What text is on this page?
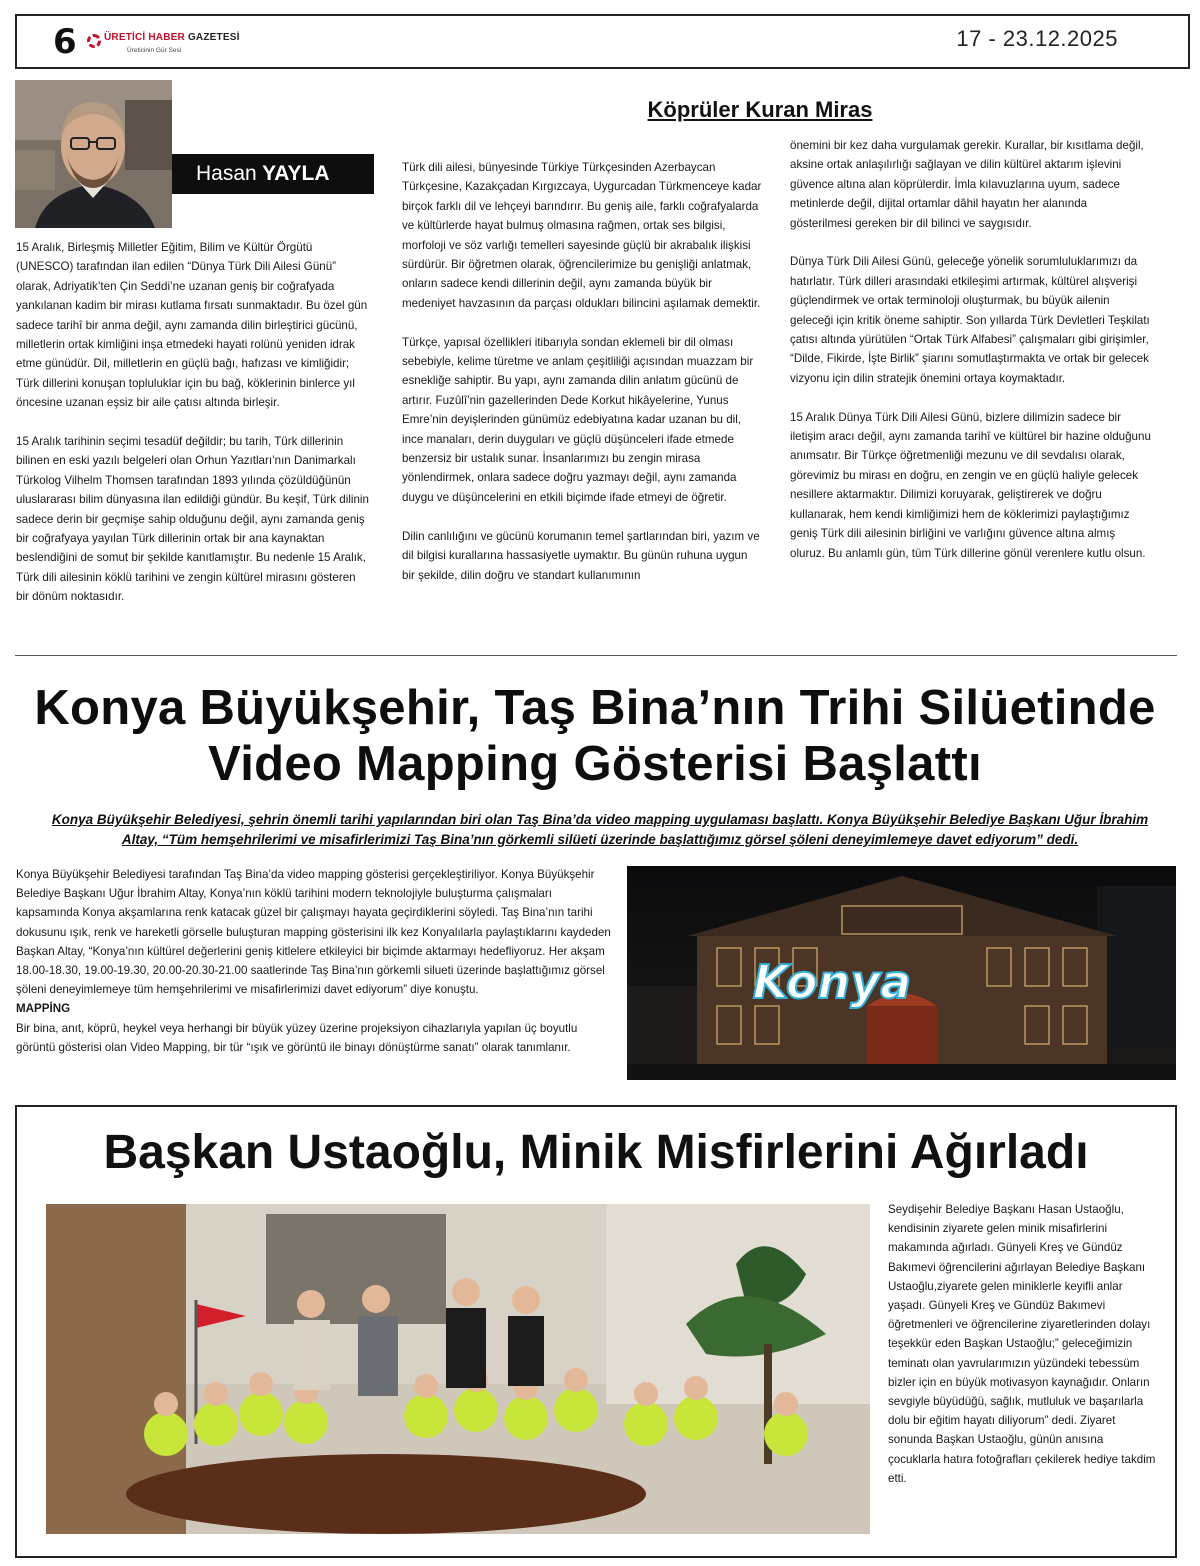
6	ÜRETİCİ HABER GAZETESİ
Üreticinin Gür Sesi	17 - 23.12.2025
Hasan YAYLA
Köprüler Kuran Miras

15 Aralık, Birleşmiş Milletler Eğitim, Bilim ve Kültür Örgütü (UNESCO) tarafından ilan edilen “Dünya Türk Dili Ailesi Günü” olarak, Adriyatik’ten Çin Seddi’ne uzanan geniş bir coğrafyada yankılanan kadim bir mirası kutlama fırsatı sunmaktadır. Bu özel gün sadece tarihî bir anma değil, aynı zamanda dilin birleştirici gücünü, milletlerin ortak kimliğini inşa etmedeki hayati rolünü yeniden idrak etme günüdür. Dil, milletlerin en güçlü bağı, hafızası ve kimliğidir; Türk dillerini konuşan topluluklar için bu bağ, köklerinin binlerce yıl öncesine uzanan eşsiz bir aile çatısı altında birleşir.

15 Aralık tarihinin seçimi tesadüf değildir; bu tarih, Türk dillerinin bilinen en eski yazılı belgeleri olan Orhun Yazıtları’nın Danimarkalı Türkolog Vilhelm Thomsen tarafından 1893 yılında çözüldüğünün uluslararası bilim dünyasına ilan edildiği gündür. Bu keşif, Türk dilinin sadece derin bir geçmişe sahip olduğunu değil, aynı zamanda geniş bir coğrafyaya yayılan Türk dillerinin ortak bir ana kaynaktan beslendiğini de somut bir şekilde kanıtlamıştır. Bu nedenle 15 Aralık, Türk dili ailesinin köklü tarihini ve zengin kültürel mirasını gösteren bir dönüm noktasıdır.

Türk dili ailesi, bünyesinde Türkiye Türkçesinden Azerbaycan Türkçesine, Kazakçadan Kırgızcaya, Uygurcadan Türkmenceye kadar birçok farklı dil ve lehçeyi barındırır. Bu geniş aile, farklı coğrafyalarda ve kültürlerde hayat bulmuş olmasına rağmen, ortak ses bilgisi, morfoloji ve söz varlığı temelleri sayesinde güçlü bir akrabalık ilişkisi sürdürür. Bir öğretmen olarak, öğrencilerimize bu genişliği anlatmak, onların sadece kendi dillerinin değil, aynı zamanda büyük bir medeniyet havzasının da parçası oldukları bilincini aşılamak demektir.

Türkçe, yapısal özellikleri itibarıyla sondan eklemeli bir dil olması sebebiyle, kelime türetme ve anlam çeşitliliği açısından muazzam bir esnekliğe sahiptir. Bu yapı, aynı zamanda dilin anlatım gücünü de artırır. Fuzûlî’nin gazellerinden Dede Korkut hikâyelerine, Yunus Emre’nin deyişlerinden günümüz edebiyatına kadar uzanan bu dil, ince manaları, derin duyguları ve güçlü düşünceleri ifade etmede benzersiz bir ustalık sunar. İnsanlarımızı bu zengin mirasa yönlendirmek, onlara sadece doğru yazmayı değil, aynı zamanda duygu ve düşüncelerini en etkili biçimde ifade etmeyi de öğretir.

Dilin canlılığını ve gücünü korumanın temel şartlarından biri, yazım ve dil bilgisi kurallarına hassasiyetle uymaktır. Bu günün ruhuna uygun bir şekilde, dilin doğru ve standart kullanımının

önemini bir kez daha vurgulamak gerekir. Kurallar, bir kısıtlama değil, aksine ortak anlaşılırlığı sağlayan ve dilin kültürel aktarım işlevini güvence altına alan köprülerdir. İmla kılavuzlarına uyum, sadece metinlerde değil, dijital ortamlar dâhil hayatın her alanında gösterilmesi gereken bir dil bilinci ve saygısıdır.

Dünya Türk Dili Ailesi Günü, geleceğe yönelik sorumluluklarımızı da hatırlatır. Türk dilleri arasındaki etkileşimi artırmak, kültürel alışverişi güçlendirmek ve ortak terminoloji oluşturmak, bu büyük ailenin geleceği için kritik öneme sahiptir. Son yıllarda Türk Devletleri Teşkilatı çatısı altında yürütülen “Ortak Türk Alfabesi” çalışmaları gibi girişimler, “Dilde, Fikirde, İşte Birlik” şiarını somutlaştırmakta ve ortak bir gelecek vizyonu için dilin stratejik önemini ortaya koymaktadır.

15 Aralık Dünya Türk Dili Ailesi Günü, bizlere dilimizin sadece bir iletişim aracı değil, aynı zamanda tarihî ve kültürel bir hazine olduğunu anımsatır. Bir Türkçe öğretmenliği mezunu ve dil sevdalısı olarak, görevimiz bu mirası en doğru, en zengin ve en güçlü haliyle gelecek nesillere aktarmaktır. Dilimizi koruyarak, geliştirerek ve doğru kullanarak, hem kendi kimliğimizi hem de köklerimizi paylaştığımız geniş Türk dili ailesinin birliğini ve varlığını güvence altına almış oluruz. Bu anlamlı gün, tüm Türk dillerine gönül verenlere kutlu olsun.

Konya Büyükşehir, Taş Bina’nın Trihi Silüetinde
Video Mapping Gösterisi Başlattı
Konya Büyükşehir Belediyesi, şehrin önemli tarihi yapılarından biri olan Taş Bina’da video mapping uygulaması başlattı. Konya Büyükşehir Belediye Başkanı Uğur İbrahim Altay, “Tüm hemşehrilerimi ve misafirlerimizi Taş Bina’nın görkemli silüeti üzerinde başlattığımız görsel şöleni deneyimlemeye davet ediyorum” dedi.
Konya Büyükşehir Belediyesi tarafından Taş Bina’da video mapping gösterisi gerçekleştiriliyor. Konya Büyükşehir Belediye Başkanı Uğur İbrahim Altay, Konya’nın köklü tarihini modern teknolojiyle buluşturma çalışmaları kapsamında Konya akşamlarına renk katacak güzel bir çalışmayı hayata geçirdiklerini söyledi. Taş Bina’nın tarihi dokusunu ışık, renk ve hareketli görselle buluşturan mapping gösterisini ilk kez Konyalılarla paylaştıklarını kaydeden Başkan Altay, “Konya’nın kültürel değerlerini geniş kitlelere etkileyici bir biçimde aktarmayı hedefliyoruz. Her akşam 18.00-18.30, 19.00-19.30, 20.00-20.30-21.00 saatlerinde Taş Bina’nın görkemli silueti üzerinde başlattığımız görsel şöleni deneyimlemeye tüm hemşehrilerimi ve misafirlerimizi davet ediyorum” diye konuştu.
MAPPİNG
Bir bina, anıt, köprü, heykel veya herhangi bir büyük yüzey üzerine projeksiyon cihazlarıyla yapılan üç boyutlu görüntü gösterisi olan Video Mapping, bir tür “ışık ve görüntü ile binayı dönüştürme sanatı” olarak tanımlanır.
Konya
Başkan Ustaoğlu, Minik Misfirlerini Ağırladı
Seydişehir Belediye Başkanı Hasan Ustaoğlu, kendisinin ziyarete gelen minik misafirlerini makamında ağırladı. Günyeli Kreş ve Gündüz Bakımevi öğrencilerini ağırlayan Belediye Başkanı Ustaoğlu,ziyarete gelen miniklerle keyifli anlar yaşadı. Günyeli Kreş ve Gündüz Bakımevi öğretmenleri ve öğrencilerine ziyaretlerinden dolayı teşekkür eden Başkan Ustaoğlu;” geleceğimizin teminatı olan yavrularımızın yüzündeki tebessüm bizler için en büyük motivasyon kaynağıdır. Onların sevgiyle büyüdüğü, sağlık, mutluluk ve başarılarla dolu bir eğitim hayatı diliyorum” dedi. Ziyaret sonunda Başkan Ustaoğlu, günün anısına çocuklarla hatıra fotoğrafları çekilerek hediye takdim etti.
